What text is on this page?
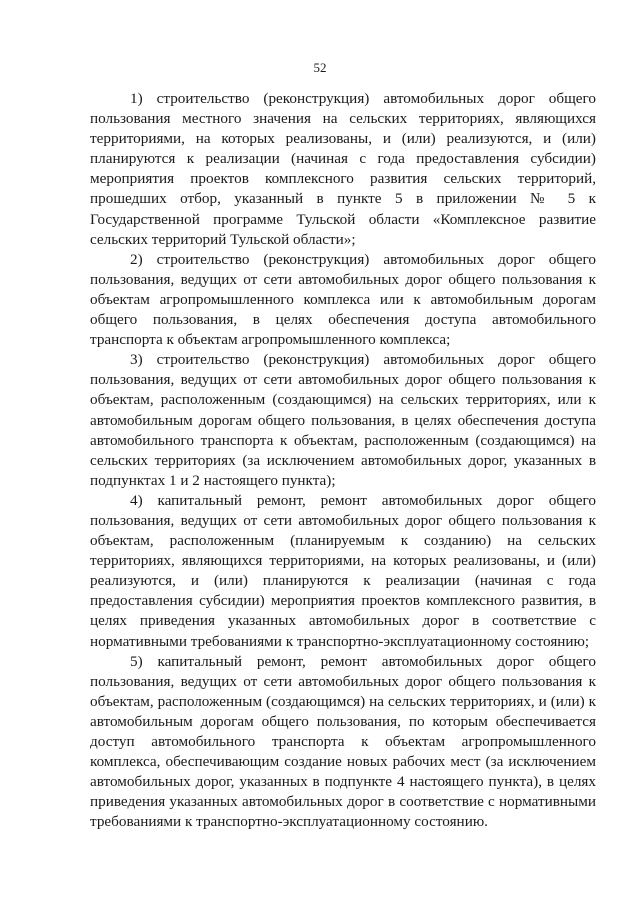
52

1) строительство (реконструкция) автомобильных дорог общего пользования местного значения на сельских территориях, являющихся территориями, на которых реализованы, и (или) реализуются, и (или) планируются к реализации (начиная с года предоставления субсидии) мероприятия проектов комплексного развития сельских территорий, прошедших отбор, указанный в пункте 5 в приложении № 5 к Государственной программе Тульской области «Комплексное развитие сельских территорий Тульской области»;

2) строительство (реконструкция) автомобильных дорог общего пользования, ведущих от сети автомобильных дорог общего пользования к объектам агропромышленного комплекса или к автомобильным дорогам общего пользования, в целях обеспечения доступа автомобильного транспорта к объектам агропромышленного комплекса;

3) строительство (реконструкция) автомобильных дорог общего пользования, ведущих от сети автомобильных дорог общего пользования к объектам, расположенным (создающимся) на сельских территориях, или к автомобильным дорогам общего пользования, в целях обеспечения доступа автомобильного транспорта к объектам, расположенным (создающимся) на сельских территориях (за исключением автомобильных дорог, указанных в подпунктах 1 и 2 настоящего пункта);

4) капитальный ремонт, ремонт автомобильных дорог общего пользования, ведущих от сети автомобильных дорог общего пользования к объектам, расположенным (планируемым к созданию) на сельских территориях, являющихся территориями, на которых реализованы, и (или) реализуются, и (или) планируются к реализации (начиная с года предоставления субсидии) мероприятия проектов комплексного развития, в целях приведения указанных автомобильных дорог в соответствие с нормативными требованиями к транспортно-эксплуатационному состоянию;

5) капитальный ремонт, ремонт автомобильных дорог общего пользования, ведущих от сети автомобильных дорог общего пользования к объектам, расположенным (создающимся) на сельских территориях, и (или) к автомобильным дорогам общего пользования, по которым обеспечивается доступ автомобильного транспорта к объектам агропромышленного комплекса, обеспечивающим создание новых рабочих мест (за исключением автомобильных дорог, указанных в подпункте 4 настоящего пункта), в целях приведения указанных автомобильных дорог в соответствие с нормативными требованиями к транспортно-эксплуатационному состоянию.
